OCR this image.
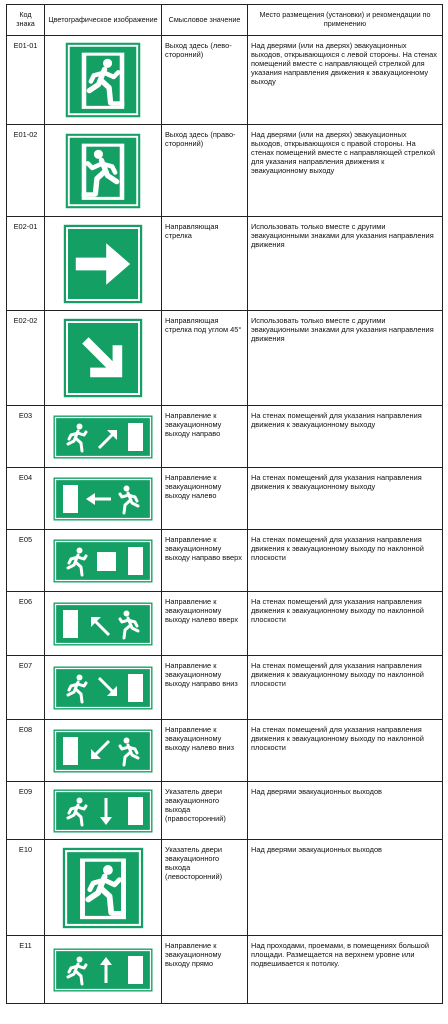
Код знака	Цветографическое изображение	Смысловое значение	Место размещения (установки) и рекомендации по применению
E01-01		Выход здесь (лево-сторонний)	Над дверями (или на дверях) эвакуационных выходов, открывающихся с левой стороны. На стенах помещений вместе с направляющей стрелкой для указания направления движения к эвакуационному выходу
E01-02		Выход здесь (право-сторонний)	Над дверями (или на дверях) эвакуационных выходов, открывающихся с правой стороны. На стенах помещений вместе с направляющей стрелкой для указания направления движения к эвакуационному выходу
E02-01		Направляющая стрелка	Использовать только вместе с другими эвакуационными знаками для указания направления движения
E02-02		Направляющая стрелка под углом 45°	Использовать только вместе с другими эвакуационными знаками для указания направления движения
E03		Направление к эвакуационному выходу направо	На стенах помещений для указания направления движения к эвакуационному выходу
E04		Направление к эвакуационному выходу налево	На стенах помещений для указания направления движения к эвакуационному выходу
E05		Направление к эвакуационному выходу направо вверх	На стенах помещений для указания направления движения к эвакуационному выходу по наклонной плоскости
E06		Направление к эвакуационному выходу налево вверх	На стенах помещений для указания направления движения к эвакуационному выходу по наклонной плоскости
E07		Направление к эвакуационному выходу направо вниз	На стенах помещений для указания направления движения к эвакуационному выходу по наклонной плоскости
E08		Направление к эвакуационному выходу налево вниз	На стенах помещений для указания направления движения к эвакуационному выходу по наклонной плоскости
E09		Указатель двери эвакуационного выхода (правосторонний)	Над дверями эвакуационных выходов
E10		Указатель двери эвакуационного выхода (левосторонний)	Над дверями эвакуационных выходов
E11		Направление к эвакуационному выходу прямо	Над проходами, проемами, в помещениях большой площади. Размещается на верхнем уровне или подвешивается к потолку.
